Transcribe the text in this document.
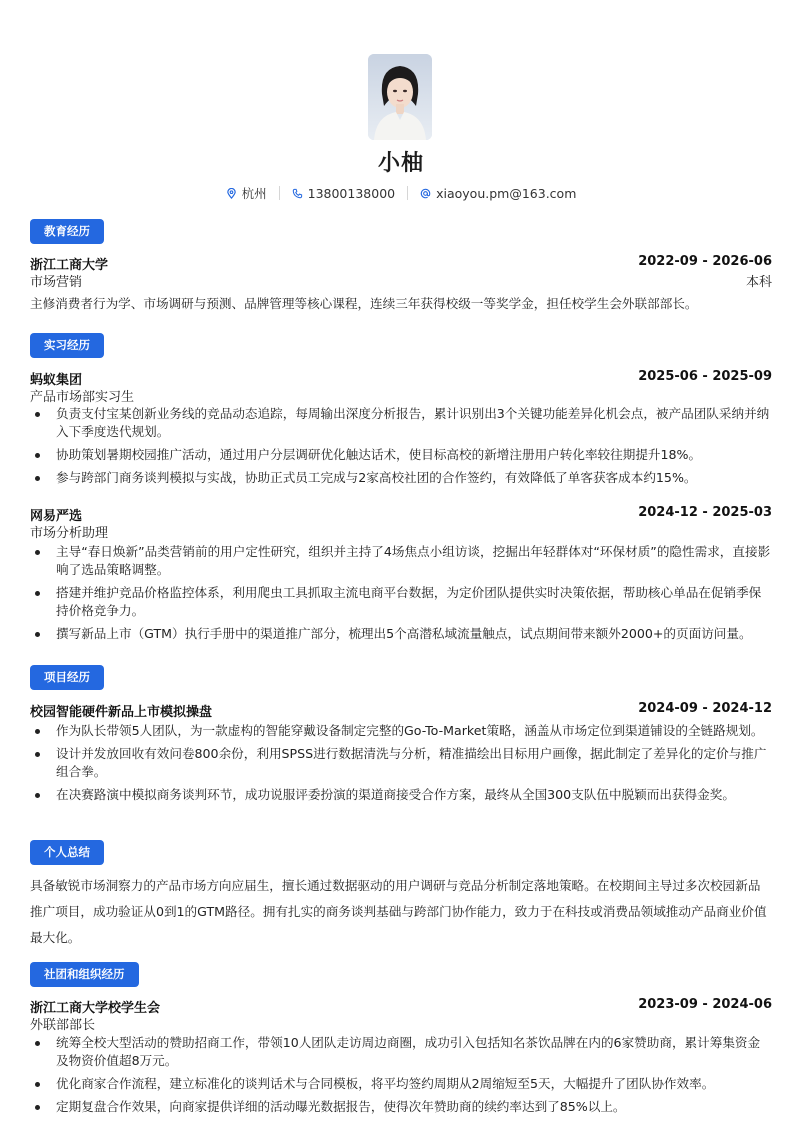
小柚
杭州	13800138000	xiaoyou.pm@163.com
教育经历
浙江工商大学	2022-09 - 2026-06
市场营销	本科
主修消费者行为学、市场调研与预测、品牌管理等核心课程，连续三年获得校级一等奖学金，担任校学生会外联部部长。
实习经历
蚂蚁集团	2025-06 - 2025-09
产品市场部实习生
负责支付宝某创新业务线的竞品动态追踪，每周输出深度分析报告，累计识别出3个关键功能差异化机会点，被产品团队采纳并纳入下季度迭代规划。
协助策划暑期校园推广活动，通过用户分层调研优化触达话术，使目标高校的新增注册用户转化率较往期提升18%。
参与跨部门商务谈判模拟与实战，协助正式员工完成与2家高校社团的合作签约，有效降低了单客获客成本约15%。
网易严选	2024-12 - 2025-03
市场分析助理
主导“春日焕新”品类营销前的用户定性研究，组织并主持了4场焦点小组访谈，挖掘出年轻群体对“环保材质”的隐性需求，直接影响了选品策略调整。
搭建并维护竞品价格监控体系，利用爬虫工具抓取主流电商平台数据，为定价团队提供实时决策依据，帮助核心单品在促销季保持价格竞争力。
撰写新品上市（GTM）执行手册中的渠道推广部分，梳理出5个高潜私域流量触点，试点期间带来额外2000+的页面访问量。
项目经历
校园智能硬件新品上市模拟操盘	2024-09 - 2024-12
作为队长带领5人团队，为一款虚构的智能穿戴设备制定完整的Go-To-Market策略，涵盖从市场定位到渠道铺设的全链路规划。
设计并发放回收有效问卷800余份，利用SPSS进行数据清洗与分析，精准描绘出目标用户画像，据此制定了差异化的定价与推广组合拳。
在决赛路演中模拟商务谈判环节，成功说服评委扮演的渠道商接受合作方案，最终从全国300支队伍中脱颖而出获得金奖。
个人总结
具备敏锐市场洞察力的产品市场方向应届生，擅长通过数据驱动的用户调研与竞品分析制定落地策略。在校期间主导过多次校园新品推广项目，成功验证从0到1的GTM路径。拥有扎实的商务谈判基础与跨部门协作能力，致力于在科技或消费品领域推动产品商业价值最大化。
社团和组织经历
浙江工商大学校学生会	2023-09 - 2024-06
外联部部长
统筹全校大型活动的赞助招商工作，带领10人团队走访周边商圈，成功引入包括知名茶饮品牌在内的6家赞助商，累计筹集资金及物资价值超8万元。
优化商家合作流程，建立标准化的谈判话术与合同模板，将平均签约周期从2周缩短至5天，大幅提升了团队协作效率。
定期复盘合作效果，向商家提供详细的活动曝光数据报告，使得次年赞助商的续约率达到了85%以上。
